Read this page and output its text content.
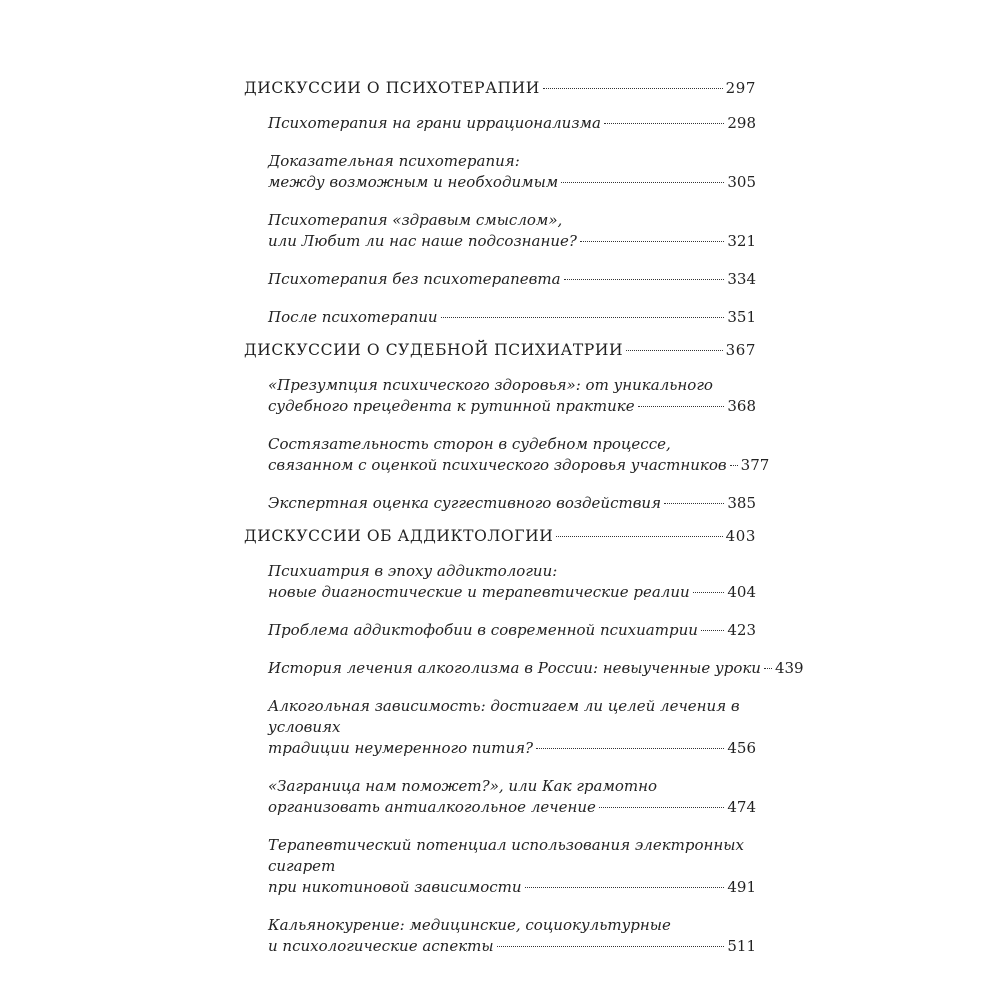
ДИСКУССИИ О ПСИХОТЕРАПИИ	297
Психотерапия на грани иррационализма	298
Доказательная психотерапия:
между возможным и необходимым	305
Психотерапия «здравым смыслом»,
или Любит ли нас наше подсознание?	321
Психотерапия без психотерапевта	334
После психотерапии	351
ДИСКУССИИ О СУДЕБНОЙ ПСИХИАТРИИ	367
«Презумпция психического здоровья»: от уникального
судебного прецедента к рутинной практике	368
Состязательность сторон в судебном процессе,
связанном с оценкой психического здоровья участников 377
Экспертная оценка суггестивного воздействия	385
ДИСКУССИИ ОБ АДДИКТОЛОГИИ	403
Психиатрия в эпоху аддиктологии:
новые диагностические и терапевтические реалии	404
Проблема аддиктофобии в современной психиатрии 423
История лечения алкоголизма в России: невыученные уроки 439
Алкогольная зависимость: достигаем ли целей лечения в условиях
традиции неумеренного пития?	456
«Заграница нам поможет?», или Как грамотно
организовать антиалкогольное лечение	474
Терапевтический потенциал использования электронных сигарет
при никотиновой зависимости	491
Кальянокурение: медицинские, социокультурные
и психологические аспекты	511
